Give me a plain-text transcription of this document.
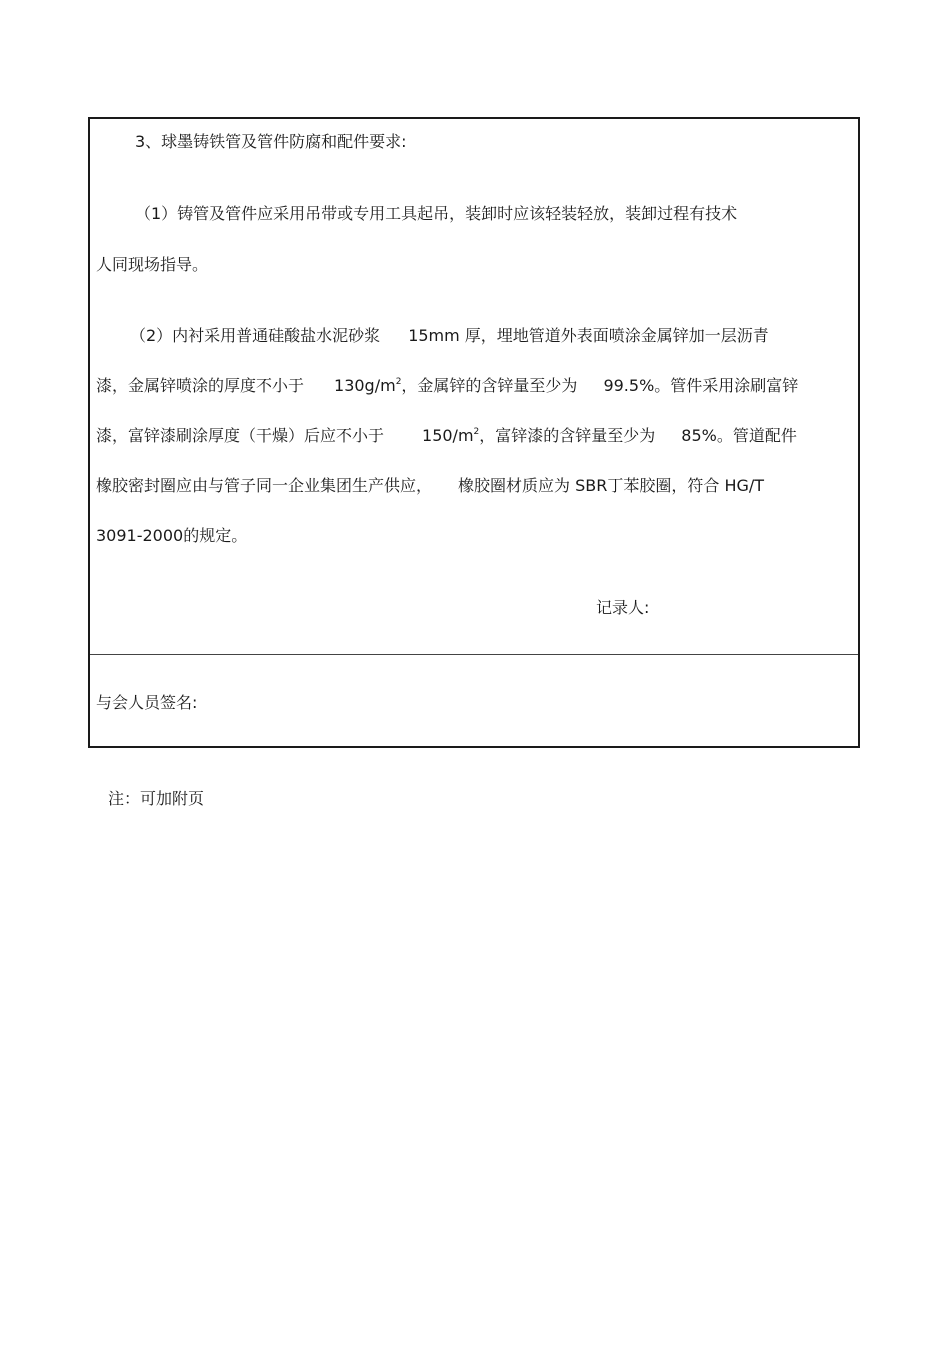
3、球墨铸铁管及管件防腐和配件要求:

（1）铸管及管件应采用吊带或专用工具起吊，装卸时应该轻装轻放，装卸过程有技术

人同现场指导。

（2）内衬采用普通硅酸盐水泥砂浆 15mm 厚，埋地管道外表面喷涂金属锌加一层沥青

漆，金属锌喷涂的厚度不小于 $130g/m^2$，金属锌的含锌量至少为 99.5%。管件采用涂刷富锌

漆，富锌漆刷涂厚度（干燥）后应不小于 $150/m^2$，富锌漆的含锌量至少为 85%。管道配件

橡胶密封圈应由与管子同一企业集团生产供应， 橡胶圈材质应为 SBR丁苯胶圈，符合 HG/T

3091-2000的规定。

记录人:

与会人员签名:

注：可加附页
